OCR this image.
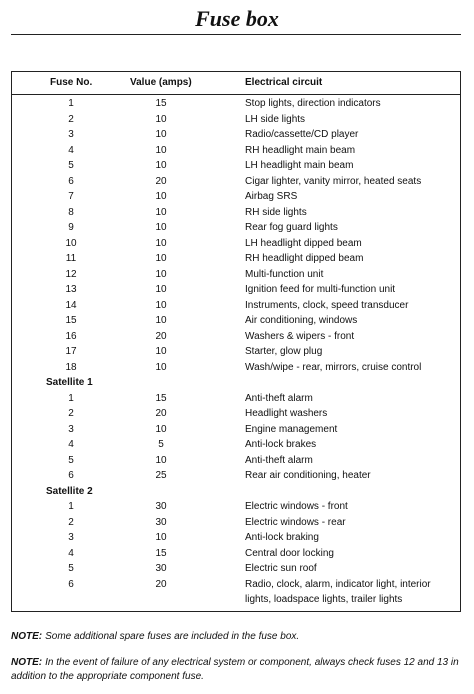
Fuse box
Fuse No.	Value (amps)	Electrical circuit
1	15	Stop lights, direction indicators
2	10	LH side lights
3	10	Radio/cassette/CD player
4	10	RH headlight main beam
5	10	LH headlight main beam
6	20	Cigar lighter, vanity mirror, heated seats
7	10	Airbag SRS
8	10	RH side lights
9	10	Rear fog guard lights
10	10	LH headlight dipped beam
11	10	RH headlight dipped beam
12	10	Multi-function unit
13	10	Ignition feed for multi-function unit
14	10	Instruments, clock, speed transducer
15	10	Air conditioning, windows
16	20	Washers & wipers - front
17	10	Starter, glow plug
18	10	Wash/wipe - rear, mirrors, cruise control
Satellite 1
1	15	Anti-theft alarm
2	20	Headlight washers
3	10	Engine management
4	5	Anti-lock brakes
5	10	Anti-theft alarm
6	25	Rear air conditioning, heater
Satellite 2
1	30	Electric windows - front
2	30	Electric windows - rear
3	10	Anti-lock braking
4	15	Central door locking
5	30	Electric sun roof
6	20	Radio, clock, alarm, indicator light, interior lights, loadspace lights, trailer lights
NOTE: Some additional spare fuses are included in the fuse box.
NOTE: In the event of failure of any electrical system or component, always check fuses 12 and 13 in addition to the appropriate component fuse.
